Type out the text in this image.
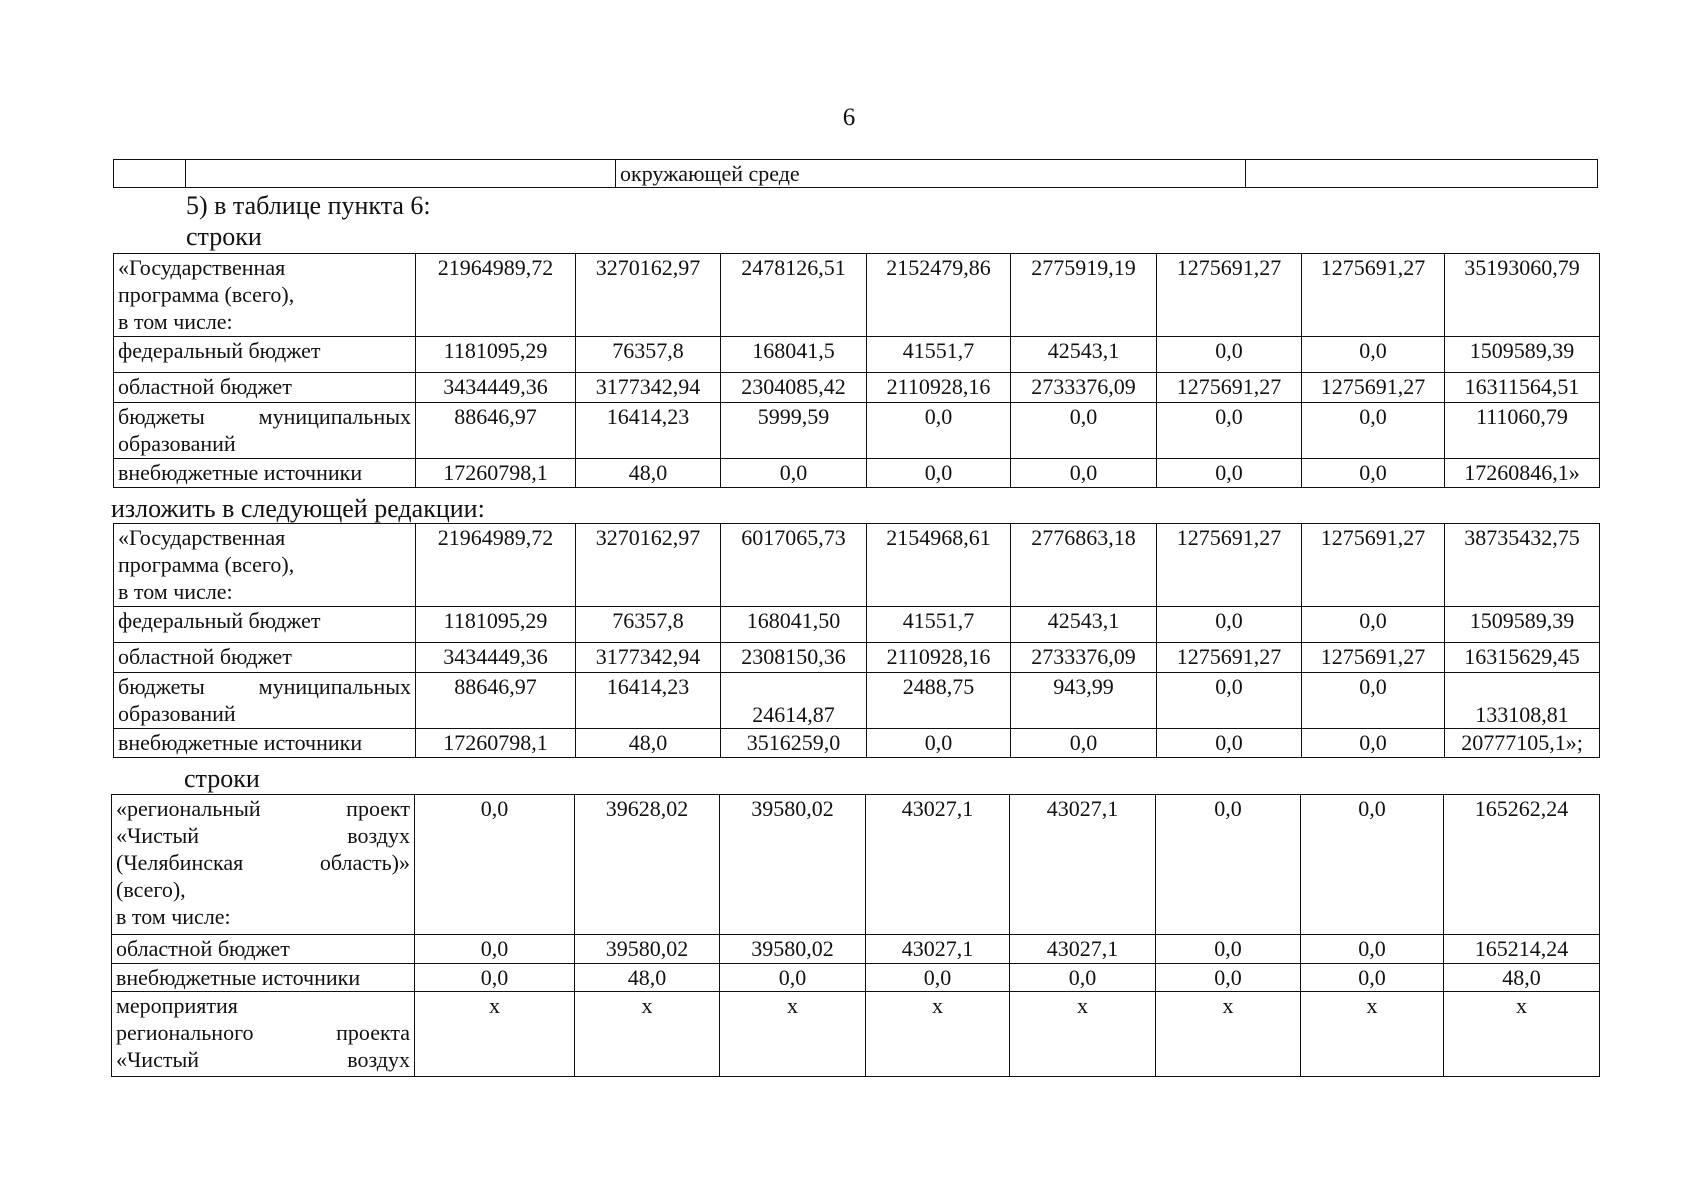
6
		окружающей среде	
5) в таблице пункта 6:
строки
«Государственная
программа (всего),
в том числе:	21964989,72	3270162,97	2478126,51	2152479,86	2775919,19	1275691,27	1275691,27	35193060,79
федеральный бюджет	1181095,29	76357,8	168041,5	41551,7	42543,1	0,0	0,0	1509589,39
областной бюджет	3434449,36	3177342,94	2304085,42	2110928,16	2733376,09	1275691,27	1275691,27	16311564,51

бюджеты муниципальных
образований	88646,97	16414,23	5999,59	0,0	0,0	0,0	0,0	111060,79
внебюджетные источники	17260798,1	48,0	0,0	0,0	0,0	0,0	0,0	17260846,1»
изложить в следующей редакции:
«Государственная
программа (всего),
в том числе:	21964989,72	3270162,97	6017065,73	2154968,61	2776863,18	1275691,27	1275691,27	38735432,75
федеральный бюджет	1181095,29	76357,8	168041,50	41551,7	42543,1	0,0	0,0	1509589,39
областной бюджет	3434449,36	3177342,94	2308150,36	2110928,16	2733376,09	1275691,27	1275691,27	16315629,45

бюджеты муниципальных
образований	88646,97	16414,23	24614,87	2488,75	943,99	0,0	0,0	133108,81
внебюджетные источники	17260798,1	48,0	3516259,0	0,0	0,0	0,0	0,0	20777105,1»;
строки
«региональный проект
«Чистый воздух
(Челябинская область)»
(всего),
в том числе:	0,0	39628,02	39580,02	43027,1	43027,1	0,0	0,0	165262,24
областной бюджет	0,0	39580,02	39580,02	43027,1	43027,1	0,0	0,0	165214,24
внебюджетные источники	0,0	48,0	0,0	0,0	0,0	0,0	0,0	48,0

мероприятия
регионального проекта
«Чистый воздух	x	x	x	x	x	x	x	x
